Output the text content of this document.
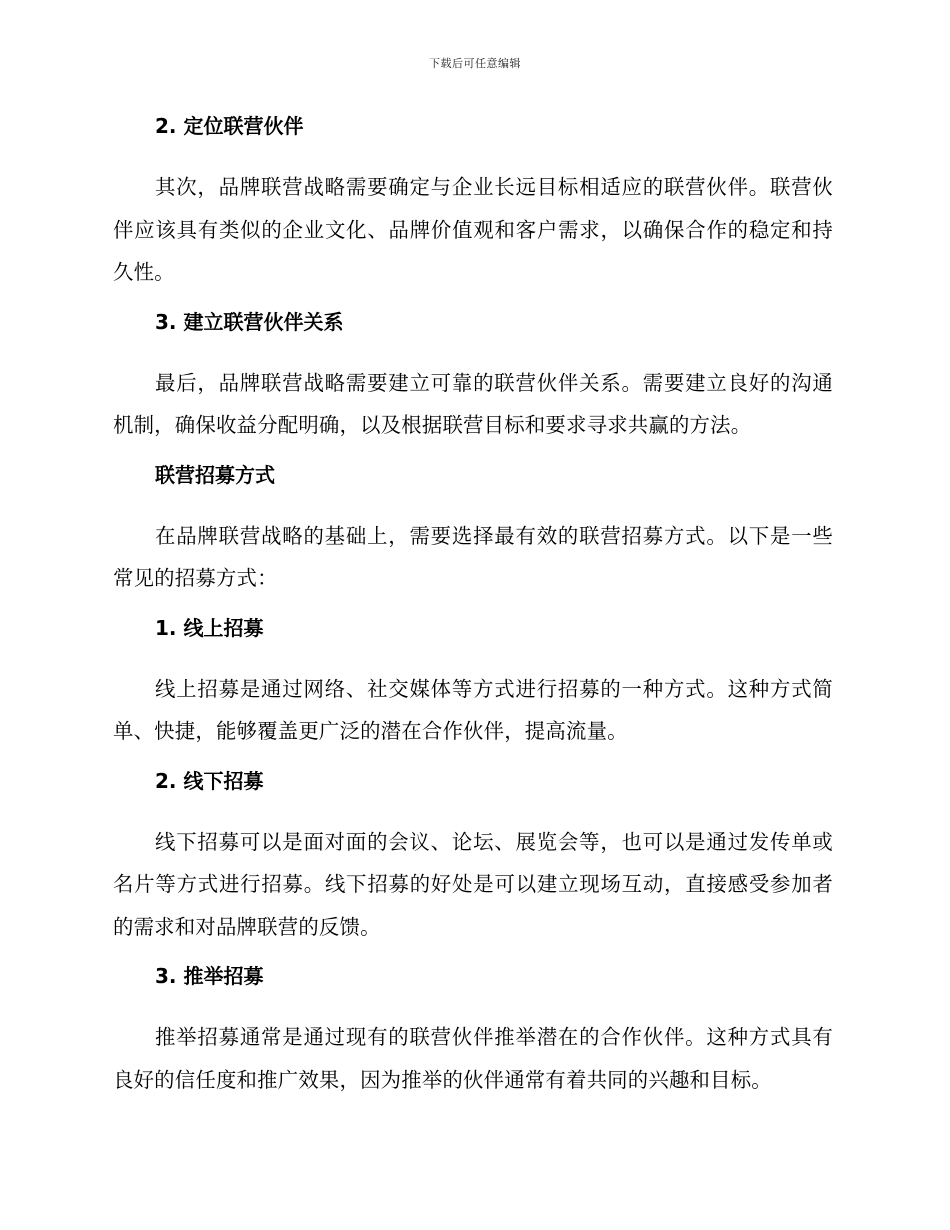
下载后可任意编辑
2. 定位联营伙伴

其次，品牌联营战略需要确定与企业长远目标相适应的联营伙伴。联营伙伴应该具有类似的企业文化、品牌价值观和客户需求，以确保合作的稳定和持久性。

3. 建立联营伙伴关系

最后，品牌联营战略需要建立可靠的联营伙伴关系。需要建立良好的沟通机制，确保收益分配明确，以及根据联营目标和要求寻求共赢的方法。

联营招募方式

在品牌联营战略的基础上，需要选择最有效的联营招募方式。以下是一些常见的招募方式：

1. 线上招募

线上招募是通过网络、社交媒体等方式进行招募的一种方式。这种方式简单、快捷，能够覆盖更广泛的潜在合作伙伴，提高流量。

2. 线下招募

线下招募可以是面对面的会议、论坛、展览会等，也可以是通过发传单或名片等方式进行招募。线下招募的好处是可以建立现场互动，直接感受参加者的需求和对品牌联营的反馈。

3. 推举招募

推举招募通常是通过现有的联营伙伴推举潜在的合作伙伴。这种方式具有良好的信任度和推广效果，因为推举的伙伴通常有着共同的兴趣和目标。
